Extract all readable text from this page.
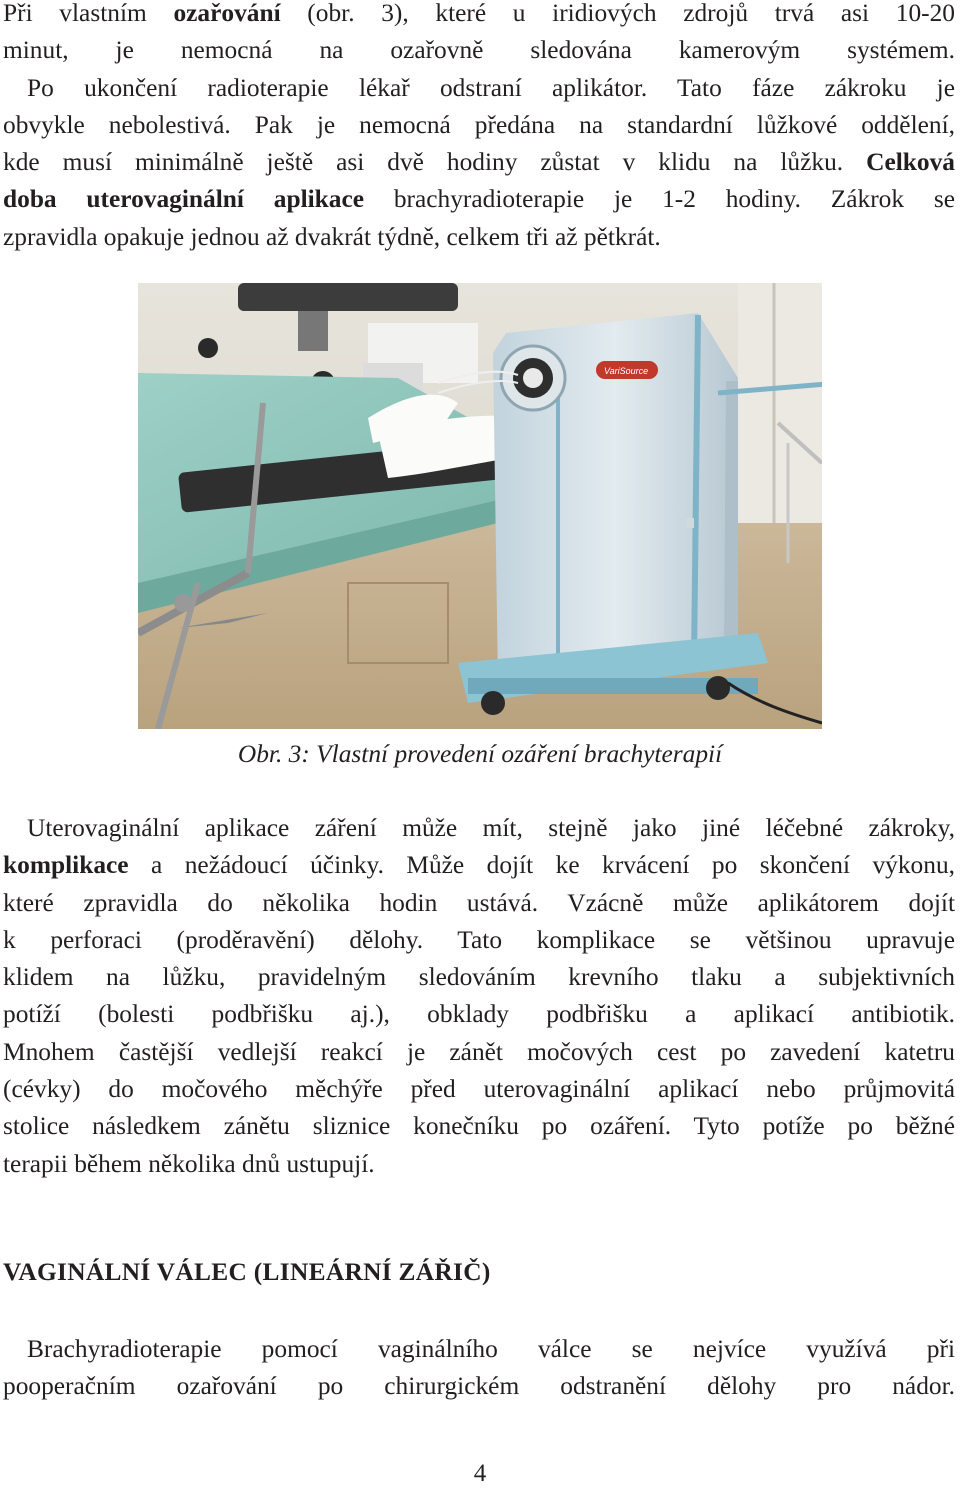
Při vlastním ozařování (obr. 3), které u iridiových zdrojů trvá asi 10-20
minut, je nemocná na ozařovně sledována kamerovým systémem.
Po ukončení radioterapie lékař odstraní aplikátor. Tato fáze zákroku je
obvykle nebolestivá. Pak je nemocná předána na standardní lůžkové oddělení,
kde musí minimálně ještě asi dvě hodiny zůstat v klidu na lůžku. Celková
doba uterovaginální aplikace brachyradioterapie je 1-2 hodiny. Zákrok se
zpravidla opakuje jednou až dvakrát týdně, celkem tři až pětkrát.
VariSource
Obr. 3: Vlastní provedení ozáření brachyterapií
Uterovaginální aplikace záření může mít, stejně jako jiné léčebné zákroky,
komplikace a nežádoucí účinky. Může dojít ke krvácení po skončení výkonu,
které zpravidla do několika hodin ustává. Vzácně může aplikátorem dojít
k perforaci (proděravění) dělohy. Tato komplikace se většinou upravuje
klidem na lůžku, pravidelným sledováním krevního tlaku a subjektivních
potíží (bolesti podbřišku aj.), obklady podbřišku a aplikací antibiotik.
Mnohem častější vedlejší reakcí je zánět močových cest po zavedení katetru
(cévky) do močového měchýře před uterovaginální aplikací nebo průjmovitá
stolice následkem zánětu sliznice konečníku po ozáření. Tyto potíže po běžné
terapii během několika dnů ustupují.
VAGINÁLNÍ VÁLEC (LINEÁRNÍ ZÁŘIČ)
Brachyradioterapie pomocí vaginálního válce se nejvíce využívá při
pooperačním ozařování po chirurgickém odstranění dělohy pro nádor.
4
